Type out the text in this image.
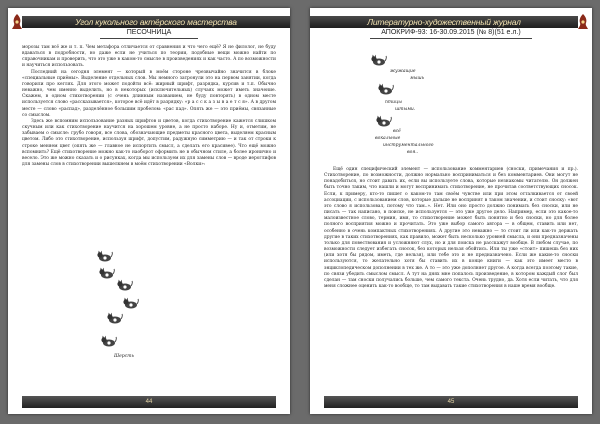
Угол кукольного актёрского мастерства
ПЕСОЧНИЦА

морозы там всё же и т. п. Чем метафора отличается от сравнения и что чего ещё? Я не филолог, не буду вдаваться в подробности, но даже если не учиться по теории, подобные вещи можно найти по справочникам и проверить, что это уже в каком-то смысле в произведениях и как часто. А по возможности и научиться использовать.

Последний на сегодня элемент — который в моём стороне чрезвычайно значится в блоке «специальные приёмы». Выделение отдельных слов. Мы немного затронули это на первом занятии, когда говорили про кеглях. Для этого может подойти всё: жирный шрифт, разрядка, курсив и т.п. Обычно неважно, чем именно выделить, но в некоторых (исключительных) случаях может иметь значение. Скажем, в одном стихотворении (с очень длинным названием, не буду повторять) в одном месте используется слово «расcказывается», которое всё идёт в разрядку: «р а с с к а з ы в а е т с я». А в другом месте — слово «распад», разделённое большим пробелом: «рас пад». Опять же — это приёмы, связанные со смыслом.

Здесь же вспомним использование разных шрифтов и цветов, когда стихотворение кажется слишком скучным или как стихотворение научится на хорошем уровне, а не просто наборе. Ну и, отметим, не забываем о смысле: грубо говоря, все слова, обозначающие предметы красного цвета, выделяем красным цветом. Либо это стихотворение, используя шрифт, допустим, радужную симметрию — и так от строки к строке меняем цвет (опять же — главное не испортить смысл, а сделать его красивее). Что ещё можно вспомнить? Ещё стихотворение можно как-то наоборот оформить не в обычном стиле, а более иронично и весело. Это же можно сказать и о рисунках, когда мы используем их для замены слов — вроде иероглифов для замены слов в стихотворении вышелкнем в моём стихотворении «Волки»:

Шерсть
44
Литературно-художественный журнал
АПОКРИФ-93: 16-30.09.2015 (№ 8)(51 е.л.)
жужащие
мышь
птицы
штыми.
всё
вокальные
инструментального
воя..

Ещё один специфический элемент — использование комментариев (сноски, примечания и пр.). Стихотворение, по возможности, должно нормально восприниматься и без комментариев. Они могут не понадобиться, но стоит давать их, если вы используете слова, которые незнакомы читателю. Он должен быть точно таким, что нашли и могут воспринимать стихотворение, не прочитав соответствующих сносок. Если, к примеру, кто-то пишет о каком-то там своём чувстве или при этом отталкивается от своей ассоциации, с использованием слов, которые дальше не воспринят в таком значении, и стоит сноску: «вот это слово я использовал, потому что там..». Нет. Или оно просто должно понимать без сноски, или не писать — так написано, в поиске, не используется — это уже другое дело. Например, если это какое-то малоизвестное слово, термин, имя, то стихотворение может быть понятно и без сноски, но для более полного восприятия можно и прочитать. Это уже выбор самого автора — в общем, ставить или нет, особенно в очень компактных стихотворениях. А другие это неважно — то стоит ли или как-то держать другие в таких стихотворениях, как правило, может быть несколько уровней смысла, и они предназначены только для повествования и усложняют слух, но и для поиска не расскажут вообще. В любом случае, по возможности следует избегать сносок, без которых нельзя обойтись. Или ты уже «стоит» пишешь без них (или хотя бы рядом, иметь, где нельзя), или тебе это и не предназначено. Если же какие-то сноски используются, то желательно хотя бы ставить их в конце книги — как это имеет место в энциклопедическом дополнении в тех же. А то — это уже дополняет другое. А когда всегда поэтому такие, по связи убедить смыслом смысл. А тут на днях мне попалось произведение, в котором каждый слог был сделан — там сноски получались больше, чем самого текста. Очень трудно, да. Хотя если читать, что для меня сложнее оценить как-то вообще, то там выдавать такие стихотворения в наше время вообще.

45
